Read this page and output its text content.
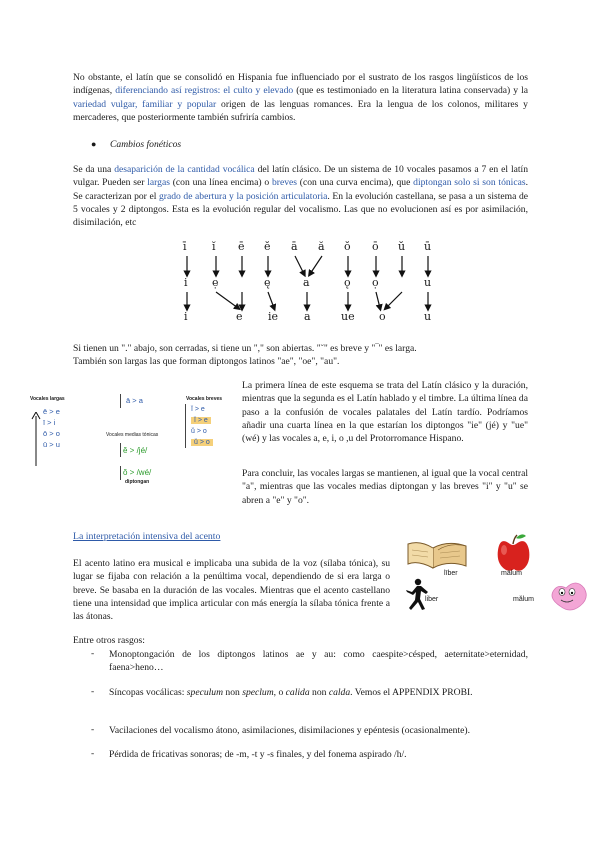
No obstante, el latín que se consolidó en Hispania fue influenciado por el sustrato de los rasgos lingüísticos de los indígenas, diferenciando así registros: el culto y elevado (que es testimoniado en la literatura latina conservada) y la variedad vulgar, familiar y popular origen de las lenguas romances. Era la lengua de los colonos, militares y mercaderes, que posteriormente también sufriría cambios.
● Cambios fonéticos
Se da una desaparición de la cantidad vocálica del latín clásico. De un sistema de 10 vocales pasamos a 7 en el latín vulgar. Pueden ser largas (con una línea encima) o breves (con una curva encima), que diptongan solo si son tónicas. Se caracterizan por el grado de abertura y la posición articulatoria. En la evolución castellana, se pasa a un sistema de 5 vocales y 2 diptongos. Esta es la evolución regular del vocalismo. Las que no evolucionen así es por asimilación, disimilación, etc
ī ĭ ē ĕ ā ă ŏ ō ŭ ū
i ẹ	ę	a	ǫ ọ	u
i	e ie a	ue o	u
Si tienen un "." abajo, son cerradas, si tiene un "," son abiertas. "˘" es breve y "‾" es larga.
También son largas las que forman diptongos latinos "ae", "oe", "au".
Vocales largas
ē > e
ī > i
ō > o
ū > u
ā > a
Vocales medias tónicas
ĕ > /jé/
ŏ > /wé/
diptongan
Vocales breves
ĭ > e
ĭ > e
ŭ > o
ŭ > o
La primera línea de este esquema se trata del Latín clásico y la duración, mientras que la segunda es el Latín hablado y el timbre. La última línea da paso a la confusión de vocales palatales del Latín tardío. Podríamos añadir una cuarta línea en la que estarían los diptongos "ie" (jé) y "ue" (wé) y las vocales a, e, i, o ,u del Protorromance Hispano.
Para concluir, las vocales largas se mantienen, al igual que la vocal central "a", mientras que las vocales medias diptongan y las breves "i" y "u" se abren a "e" y "o".
La interpretación intensiva del acento
El acento latino era musical e implicaba una subida de la voz (sílaba tónica), su lugar se fijaba con relación a la penúltima vocal, dependiendo de si era larga o breve. Se basaba en la duración de las vocales. Mientras que el acento castellano tiene una intensidad que implica articular con más energía la sílaba tónica frente a las átonas.
līber	mālum
liber	mălum
Entre otros rasgos:
- Monoptongación de los diptongos latinos ae y au: como caespite>césped, aeternitate>eternidad, faena>heno…
- Síncopas vocálicas: speculum non speclum, o calida non calda. Vemos el APPENDIX PROBI.
- Vacilaciones del vocalismo átono, asimilaciones, disimilaciones y epéntesis (ocasionalmente).
- Pérdida de fricativas sonoras; de -m, -t y -s finales, y del fonema aspirado /h/.
